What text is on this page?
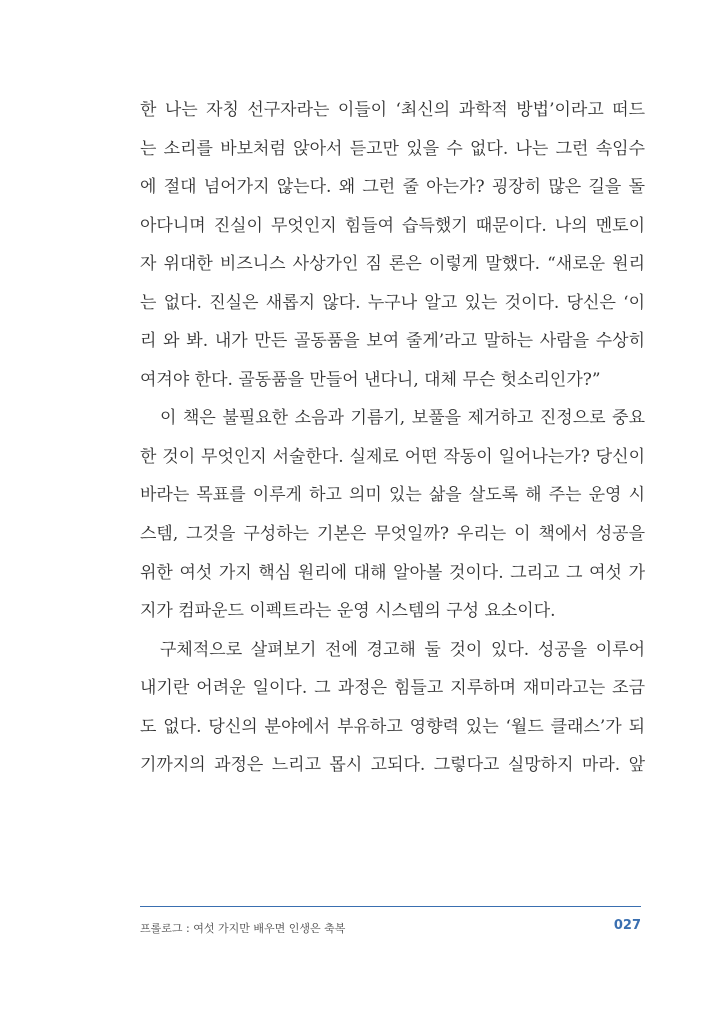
한 나는 자칭 선구자라는 이들이 ‘최신의 과학적 방법’이라고 떠드
는 소리를 바보처럼 앉아서 듣고만 있을 수 없다. 나는 그런 속임수
에 절대 넘어가지 않는다. 왜 그런 줄 아는가? 굉장히 많은 길을 돌
아다니며 진실이 무엇인지 힘들여 습득했기 때문이다. 나의 멘토이
자 위대한 비즈니스 사상가인 짐 론은 이렇게 말했다. “새로운 원리
는 없다. 진실은 새롭지 않다. 누구나 알고 있는 것이다. 당신은 ‘이
리 와 봐. 내가 만든 골동품을 보여 줄게’라고 말하는 사람을 수상히
여겨야 한다. 골동품을 만들어 낸다니, 대체 무슨 헛소리인가?”
이 책은 불필요한 소음과 기름기, 보풀을 제거하고 진정으로 중요
한 것이 무엇인지 서술한다. 실제로 어떤 작동이 일어나는가? 당신이
바라는 목표를 이루게 하고 의미 있는 삶을 살도록 해 주는 운영 시
스템, 그것을 구성하는 기본은 무엇일까? 우리는 이 책에서 성공을
위한 여섯 가지 핵심 원리에 대해 알아볼 것이다. 그리고 그 여섯 가
지가 컴파운드 이펙트라는 운영 시스템의 구성 요소이다.
구체적으로 살펴보기 전에 경고해 둘 것이 있다. 성공을 이루어
내기란 어려운 일이다. 그 과정은 힘들고 지루하며 재미라고는 조금
도 없다. 당신의 분야에서 부유하고 영향력 있는 ‘월드 클래스’가 되
기까지의 과정은 느리고 몹시 고되다. 그렇다고 실망하지 마라. 앞
프롤로그 : 여섯 가지만 배우면 인생은 축복	027
